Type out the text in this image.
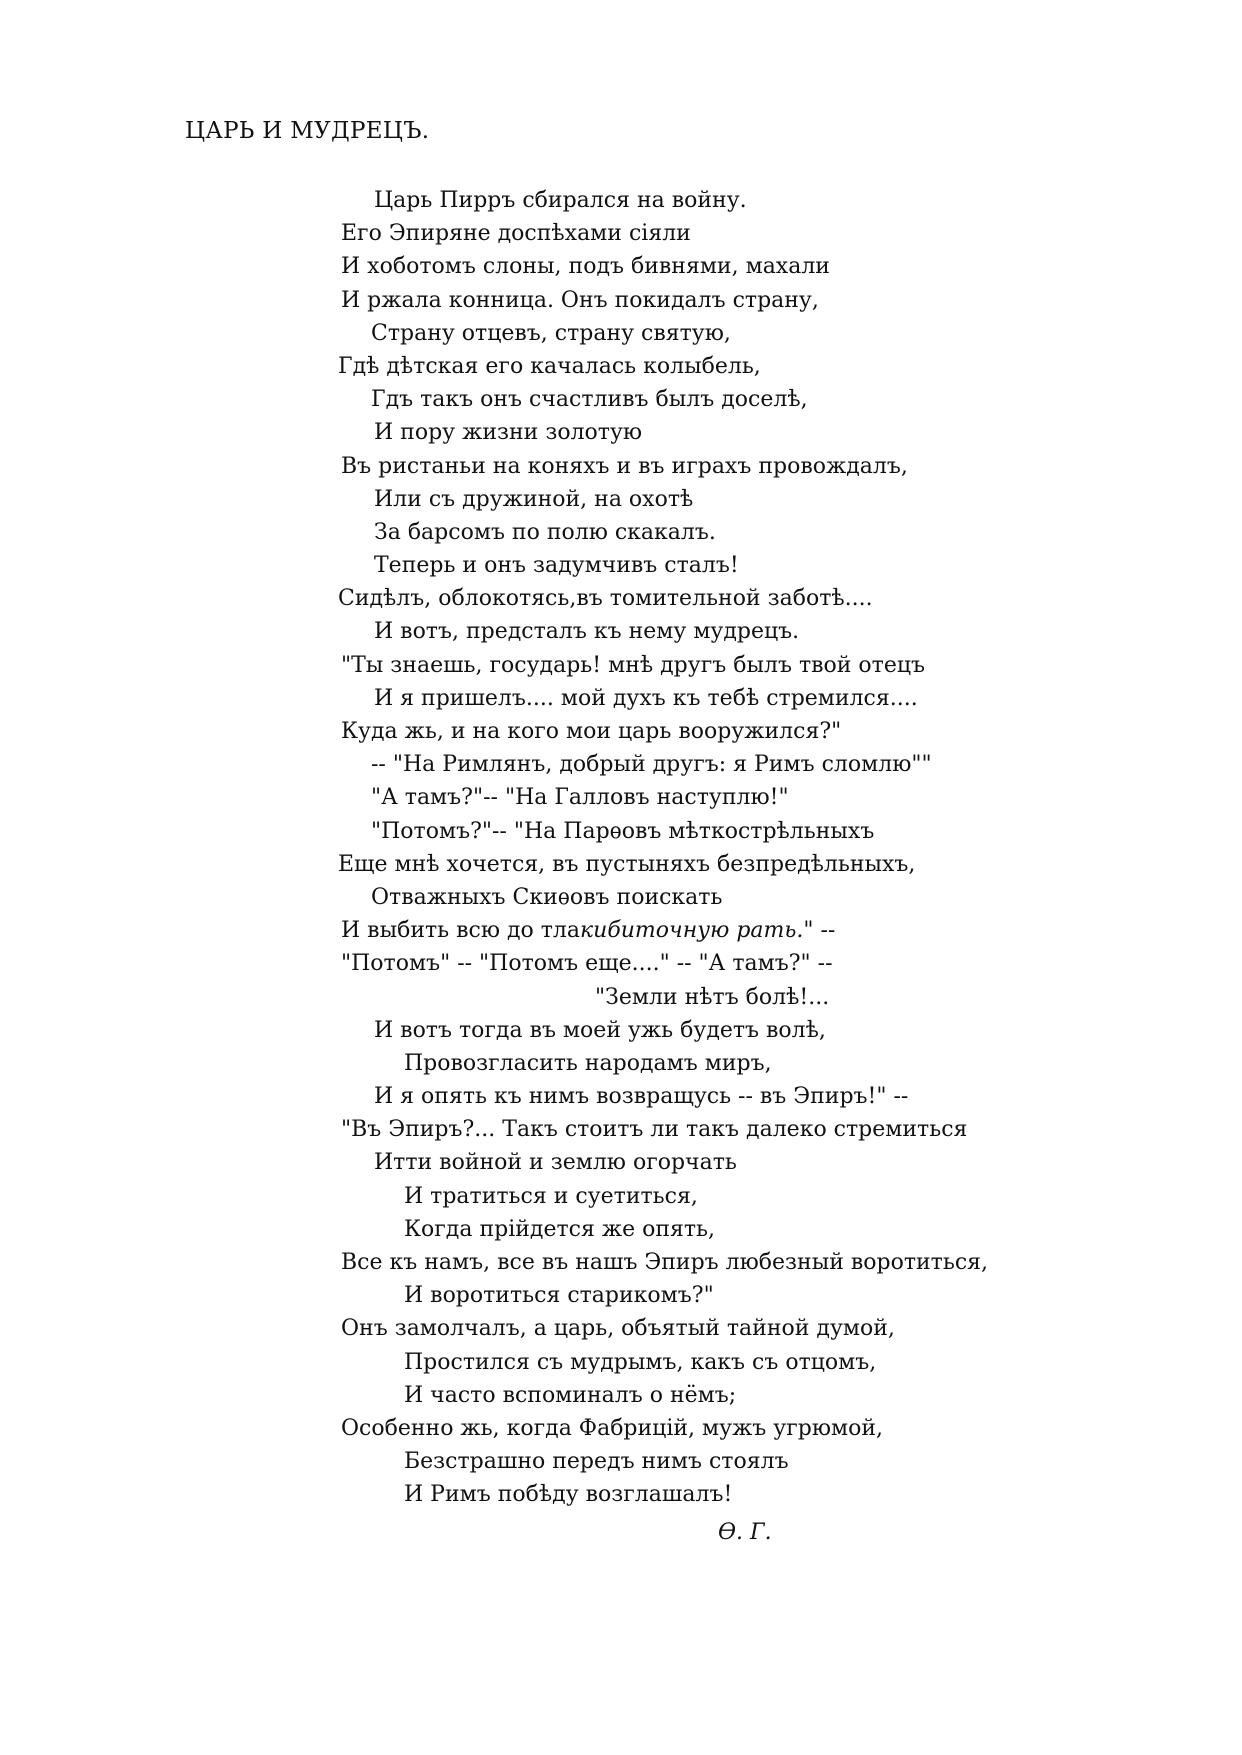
ЦАРЬ И МУДРЕЦЪ.
Царь Пирръ сбирался на войну.
Его Эпиряне доспѣхами сіяли
И хоботомъ слоны, подъ бивнями, махали
И ржала конница. Онъ покидалъ страну,
Страну отцевъ, страну святую,
Гдѣ дѣтская его качалась колыбель,
Гдъ такъ онъ счастливъ былъ доселѣ,
И пору жизни золотую
Въ ристаньи на коняхъ и въ играхъ провождалъ,
Или съ дружиной, на охотѣ
За барсомъ по полю скакалъ.
Теперь и онъ задумчивъ сталъ!
Сидѣлъ, облокотясь,въ томительной заботѣ....
И вотъ, предсталъ къ нему мудрецъ.
"Ты знаешь, государь! мнѣ другъ былъ твой отецъ
И я пришелъ.... мой духъ къ тебѣ стремился....
Куда жь, и на кого мои царь вооружился?"
-- "На Римлянъ, добрый другъ: я Римъ сломлю""
"А тамъ?"-- "На Галловъ наступлю!"
"Потомъ?"-- "На Парѳовъ мѣткострѣльныхъ
Еще мнѣ хочется, въ пустыняхъ безпредѣльныхъ,
Отважныхъ Скиѳовъ поискать
И выбить всю до тлакибиточную рать." --
"Потомъ" -- "Потомъ еще...." -- "А тамъ?" --
"Земли нѣтъ болѣ!...
И вотъ тогда въ моей ужь будетъ волѣ,
Провозгласить народамъ миръ,
И я опять къ нимъ возвращусь -- въ Эпиръ!" --
"Въ Эпиръ?... Такъ стоитъ ли такъ далеко стремиться
Итти войной и землю огорчать
И тратиться и суетиться,
Когда прійдется же опять,
Все къ намъ, все въ нашъ Эпиръ любезный воротиться,
И воротиться старикомъ?"
Онъ замолчалъ, а царь, объятый тайной думой,
Простился съ мудрымъ, какъ съ отцомъ,
И часто вспоминалъ о нёмъ;
Особенно жь, когда Фабрицій, мужъ угрюмой,
Безстрашно передъ нимъ стоялъ
И Римъ побѣду возглашалъ!
Ѳ. Г.
